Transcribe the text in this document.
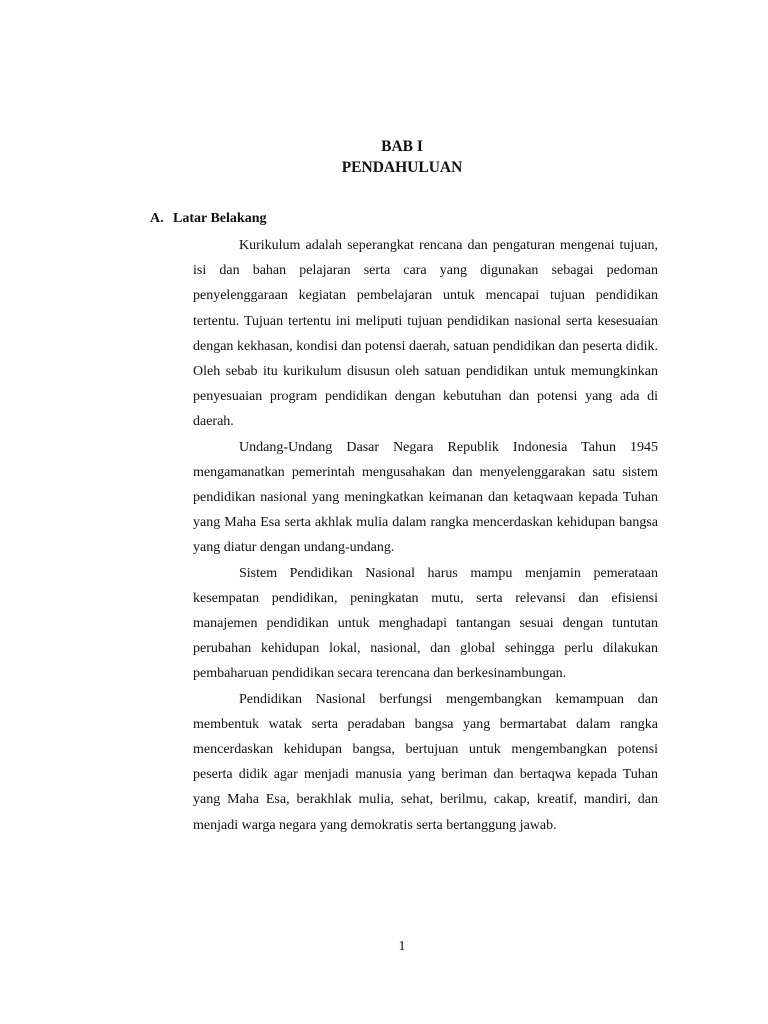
BAB I
PENDAHULUAN
A. Latar Belakang

Kurikulum adalah seperangkat rencana dan pengaturan mengenai tujuan, isi dan bahan pelajaran serta cara yang digunakan sebagai pedoman penyelenggaraan kegiatan pembelajaran untuk mencapai tujuan pendidikan tertentu. Tujuan tertentu ini meliputi tujuan pendidikan nasional serta kesesuaian dengan kekhasan, kondisi dan potensi daerah, satuan pendidikan dan peserta didik. Oleh sebab itu kurikulum disusun oleh satuan pendidikan untuk memungkinkan penyesuaian program pendidikan dengan kebutuhan dan potensi yang ada di daerah.

Undang-Undang Dasar Negara Republik Indonesia Tahun 1945 mengamanatkan pemerintah mengusahakan dan menyelenggarakan satu sistem pendidikan nasional yang meningkatkan keimanan dan ketaqwaan kepada Tuhan yang Maha Esa serta akhlak mulia dalam rangka mencerdaskan kehidupan bangsa yang diatur dengan undang-undang.

Sistem Pendidikan Nasional harus mampu menjamin pemerataan kesempatan pendidikan, peningkatan mutu, serta relevansi dan efisiensi manajemen pendidikan untuk menghadapi tantangan sesuai dengan tuntutan perubahan kehidupan lokal, nasional, dan global sehingga perlu dilakukan pembaharuan pendidikan secara terencana dan berkesinambungan.

Pendidikan Nasional berfungsi mengembangkan kemampuan dan membentuk watak serta peradaban bangsa yang bermartabat dalam rangka mencerdaskan kehidupan bangsa, bertujuan untuk mengembangkan potensi peserta didik agar menjadi manusia yang beriman dan bertaqwa kepada Tuhan yang Maha Esa, berakhlak mulia, sehat, berilmu, cakap, kreatif, mandiri, dan menjadi warga negara yang demokratis serta bertanggung jawab.

1
